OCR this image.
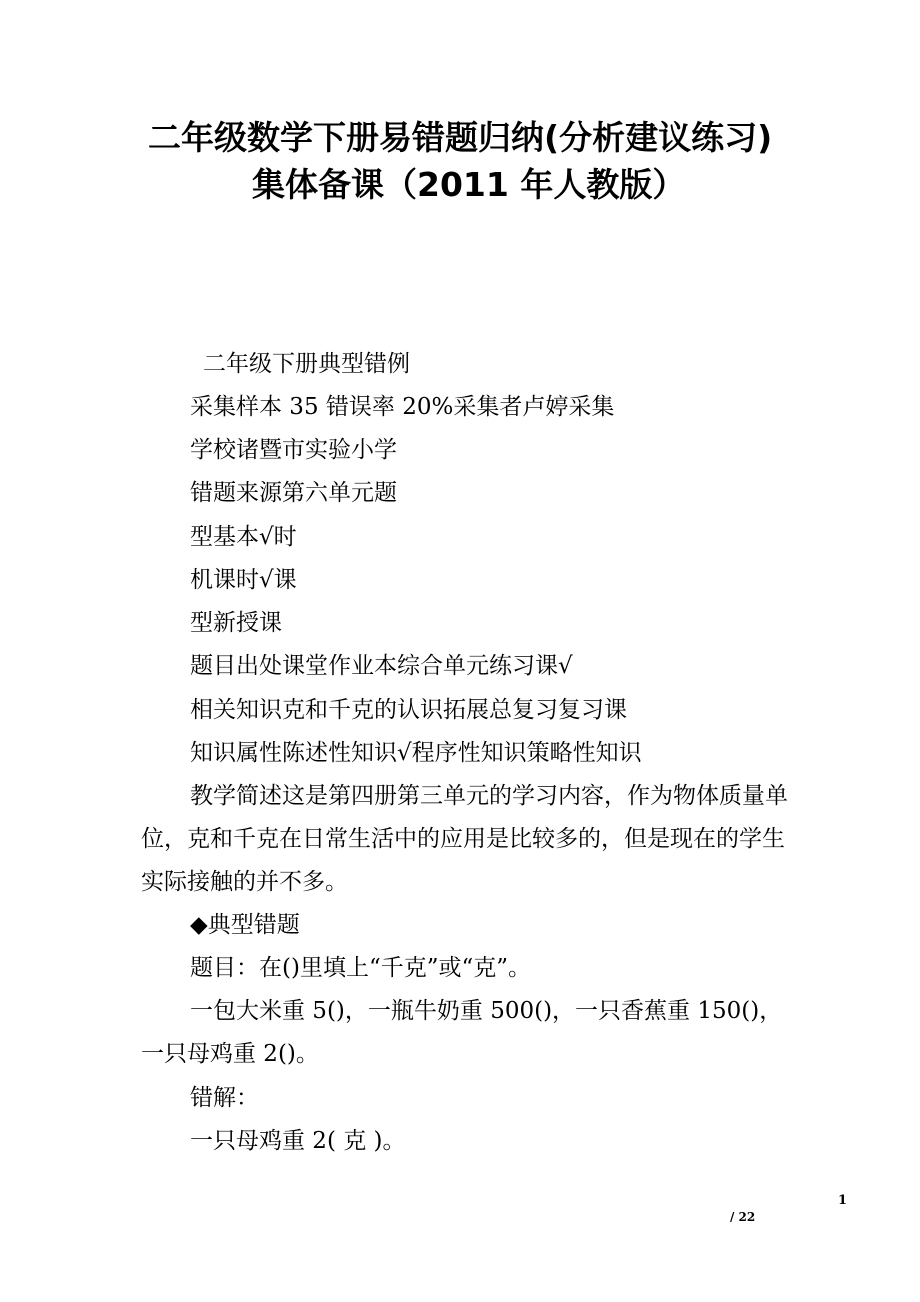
二年级数学下册易错题归纳(分析建议练习)
集体备课（2011 年人教版）
二年级下册典型错例
采集样本 35 错误率 20%采集者卢婷采集
学校诸暨市实验小学
错题来源第六单元题
型基本√时
机课时√课
型新授课
题目出处课堂作业本综合单元练习课√
相关知识克和千克的认识拓展总复习复习课
知识属性陈述性知识√程序性知识策略性知识
教学简述这是第四册第三单元的学习内容，作为物体质量单位，克和千克在日常生活中的应用是比较多的，但是现在的学生实际接触的并不多。
◆典型错题
题目：在()里填上“千克”或“克”。
一包大米重 5()，一瓶牛奶重 500()，一只香蕉重 150()，一只母鸡重 2()。
错解：
一只母鸡重 2( 克 )。
1
/ 22
